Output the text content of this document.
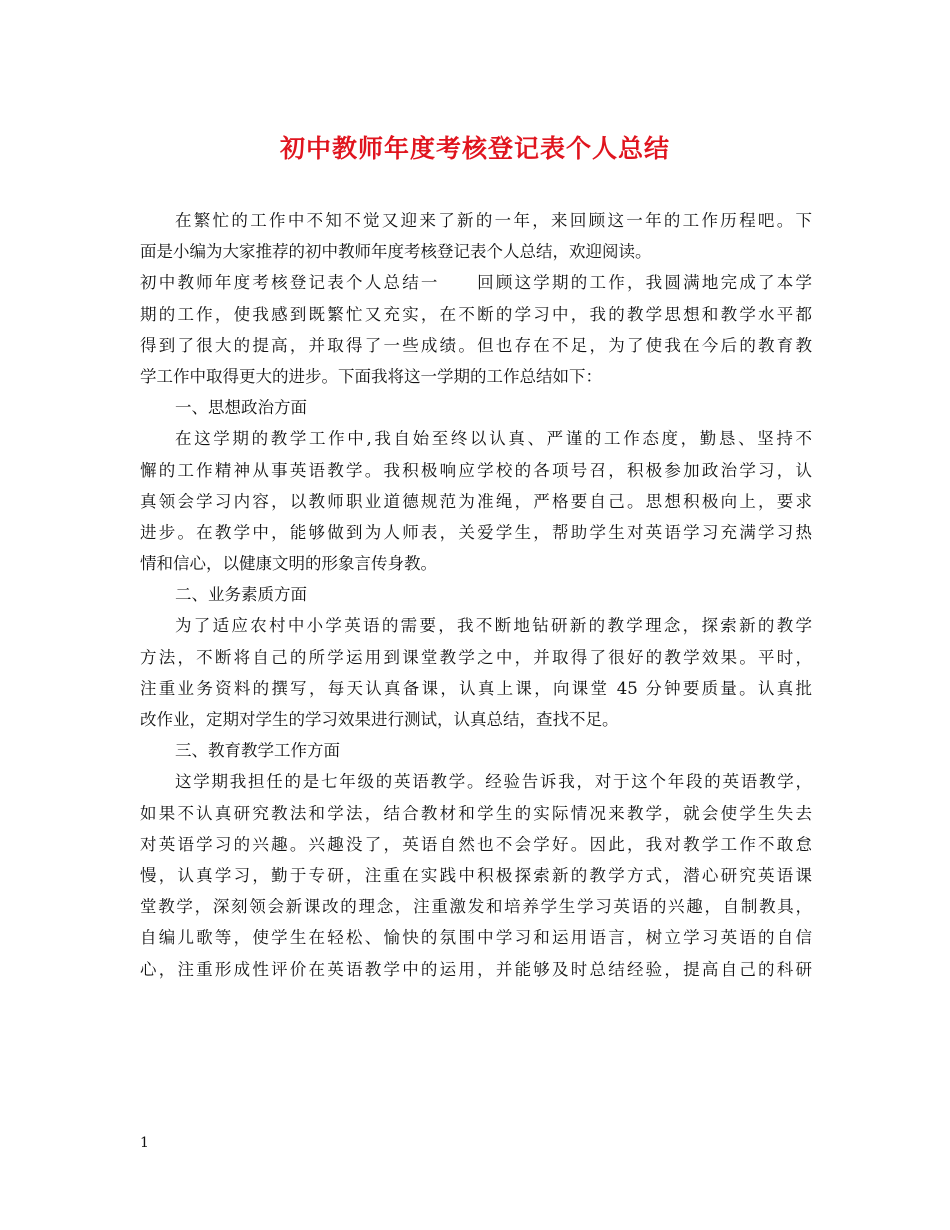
初中教师年度考核登记表个人总结
在繁忙的工作中不知不觉又迎来了新的一年，来回顾这一年的工作历程吧。下
面是小编为大家推荐的初中教师年度考核登记表个人总结，欢迎阅读。
初中教师年度考核登记表个人总结一　　回顾这学期的工作，我圆满地完成了本学
期的工作，使我感到既繁忙又充实，在不断的学习中，我的教学思想和教学水平都
得到了很大的提高，并取得了一些成绩。但也存在不足，为了使我在今后的教育教
学工作中取得更大的进步。下面我将这一学期的工作总结如下：
一、思想政治方面
在这学期的教学工作中,我自始至终以认真、严谨的工作态度，勤恳、坚持不
懈的工作精神从事英语教学。我积极响应学校的各项号召，积极参加政治学习，认
真领会学习内容，以教师职业道德规范为准绳，严格要自己。思想积极向上，要求
进步。在教学中，能够做到为人师表，关爱学生，帮助学生对英语学习充满学习热
情和信心，以健康文明的形象言传身教。
二、业务素质方面
为了适应农村中小学英语的需要，我不断地钻研新的教学理念，探索新的教学
方法，不断将自己的所学运用到课堂教学之中，并取得了很好的教学效果。平时，
注重业务资料的撰写，每天认真备课，认真上课，向课堂 45 分钟要质量。认真批
改作业，定期对学生的学习效果进行测试，认真总结，查找不足。
三、教育教学工作方面
这学期我担任的是七年级的英语教学。经验告诉我，对于这个年段的英语教学，
如果不认真研究教法和学法，结合教材和学生的实际情况来教学，就会使学生失去
对英语学习的兴趣。兴趣没了，英语自然也不会学好。因此，我对教学工作不敢怠
慢，认真学习，勤于专研，注重在实践中积极探索新的教学方式，潜心研究英语课
堂教学，深刻领会新课改的理念，注重激发和培养学生学习英语的兴趣，自制教具，
自编儿歌等，使学生在轻松、愉快的氛围中学习和运用语言，树立学习英语的自信
心，注重形成性评价在英语教学中的运用，并能够及时总结经验，提高自己的科研
1
